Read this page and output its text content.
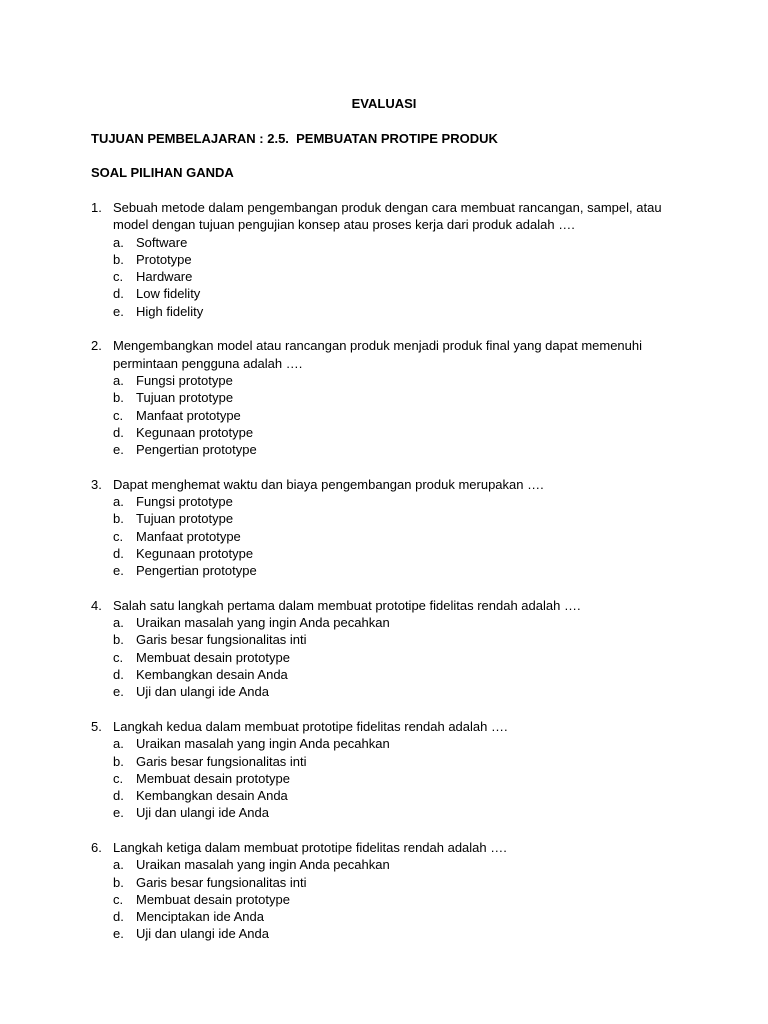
EVALUASI
TUJUAN PEMBELAJARAN : 2.5.  PEMBUATAN PROTIPE PRODUK
SOAL PILIHAN GANDA
1. Sebuah metode dalam pengembangan produk dengan cara membuat rancangan, sampel, atau model dengan tujuan pengujian konsep atau proses kerja dari produk adalah ….
a. Software
b. Prototype
c. Hardware
d. Low fidelity
e. High fidelity
2. Mengembangkan model atau rancangan produk menjadi produk final yang dapat memenuhi permintaan pengguna adalah ….
a. Fungsi prototype
b. Tujuan prototype
c. Manfaat prototype
d. Kegunaan prototype
e. Pengertian prototype
3. Dapat menghemat waktu dan biaya pengembangan produk merupakan ….
a. Fungsi prototype
b. Tujuan prototype
c. Manfaat prototype
d. Kegunaan prototype
e. Pengertian prototype
4. Salah satu langkah pertama dalam membuat prototipe fidelitas rendah adalah ….
a. Uraikan masalah yang ingin Anda pecahkan
b. Garis besar fungsionalitas inti
c. Membuat desain prototype
d. Kembangkan desain Anda
e. Uji dan ulangi ide Anda
5. Langkah kedua dalam membuat prototipe fidelitas rendah adalah ….
a. Uraikan masalah yang ingin Anda pecahkan
b. Garis besar fungsionalitas inti
c. Membuat desain prototype
d. Kembangkan desain Anda
e. Uji dan ulangi ide Anda
6. Langkah ketiga dalam membuat prototipe fidelitas rendah adalah ….
a. Uraikan masalah yang ingin Anda pecahkan
b. Garis besar fungsionalitas inti
c. Membuat desain prototype
d. Menciptakan ide Anda
e. Uji dan ulangi ide Anda
